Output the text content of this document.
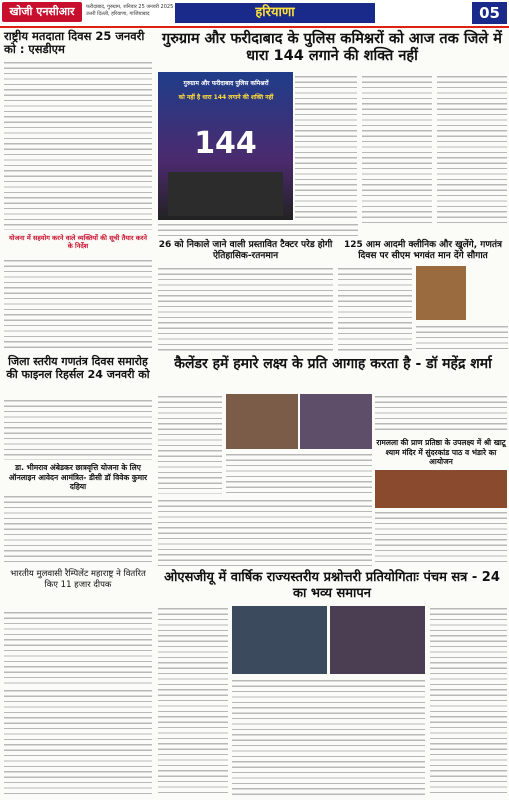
खोजी एनसीआर	फरीदाबाद, गुरुग्राम, शनिवार 25 जनवरी 2025
उत्तरी दिल्ली, हरियाणा, गाजियाबाद	हरियाणा	05
राष्ट्रीय मतदाता दिवस 25 जनवरी को : एसडीएम
योजना में सहयोग करने वाले व्यक्तियों की सूची तैयार करने के निर्देश
गुरुग्राम और फरीदाबाद के पुलिस कमिश्नरों को आज तक जिले में धारा 144 लगाने की शक्ति नहीं
गुरुग्राम और फरीदाबाद पुलिस कमिश्नरों
को नहीं है धारा 144 लगाने की शक्ति नहीं
144
26 को निकाले जाने वाली प्रस्तावित टैक्टर परेड होगी ऐतिहासिक-रतनमान
125 आम आदमी क्लीनिक और खुलेंगे, गणतंत्र दिवस पर सीएम भगवंत मान देंगे सौगात
जिला स्तरीय गणतंत्र दिवस समारोह की फाइनल रिहर्सल 24 जनवरी को
डा. भीमराव अंबेडकर छात्रवृत्ति योजना के लिए ऑनलाइन आवेदन आमंत्रित- डीसी डॉ विवेक कुमार दहिया
भारतीय मुलवासी रैम्पिलेंट महाराष्ट्र ने वितरित किए 11 हजार दीपक
कैलेंडर हमें हमारे लक्ष्य के प्रति आगाह करता है - डॉ महेंद्र शर्मा
रामलला की प्राण प्रतिष्ठा के उपलक्ष्य में श्री खाटू श्याम मंदिर में सुंदरकांड पाठ व भंडारे का आयोजन
ओएसजीयू में वार्षिक राज्यस्तरीय प्रश्नोत्तरी प्रतियोगिताः पंचम सत्र - 24 का भव्य समापन
